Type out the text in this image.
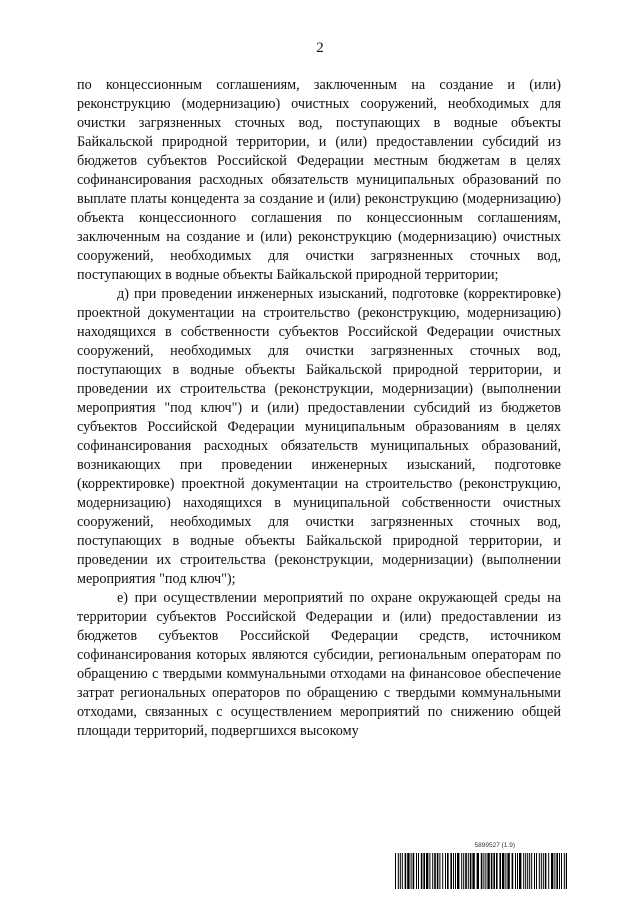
2

по концессионным соглашениям, заключенным на создание и (или) реконструкцию (модернизацию) очистных сооружений, необходимых для очистки загрязненных сточных вод, поступающих в водные объекты Байкальской природной территории, и (или) предоставлении субсидий из бюджетов субъектов Российской Федерации местным бюджетам в целях софинансирования расходных обязательств муниципальных образований по выплате платы концедента за создание и (или) реконструкцию (модернизацию) объекта концессионного соглашения по концессионным соглашениям, заключенным на создание и (или) реконструкцию (модернизацию) очистных сооружений, необходимых для очистки загрязненных сточных вод, поступающих в водные объекты Байкальской природной территории;

д) при проведении инженерных изысканий, подготовке (корректировке) проектной документации на строительство (реконструкцию, модернизацию) находящихся в собственности субъектов Российской Федерации очистных сооружений, необходимых для очистки загрязненных сточных вод, поступающих в водные объекты Байкальской природной территории, и проведении их строительства (реконструкции, модернизации) (выполнении мероприятия "под ключ") и (или) предоставлении субсидий из бюджетов субъектов Российской Федерации муниципальным образованиям в целях софинансирования расходных обязательств муниципальных образований, возникающих при проведении инженерных изысканий, подготовке (корректировке) проектной документации на строительство (реконструкцию, модернизацию) находящихся в муниципальной собственности очистных сооружений, необходимых для очистки загрязненных сточных вод, поступающих в водные объекты Байкальской природной территории, и проведении их строительства (реконструкции, модернизации) (выполнении мероприятия "под ключ");

е) при осуществлении мероприятий по охране окружающей среды на территории субъектов Российской Федерации и (или) предоставлении из бюджетов субъектов Российской Федерации средств, источником софинансирования которых являются субсидии, региональным операторам по обращению с твердыми коммунальными отходами на финансовое обеспечение затрат региональных операторов по обращению с твердыми коммунальными отходами, связанных с осуществлением мероприятий по снижению общей площади территорий, подвергшихся высокому

5899527 (1.9)
